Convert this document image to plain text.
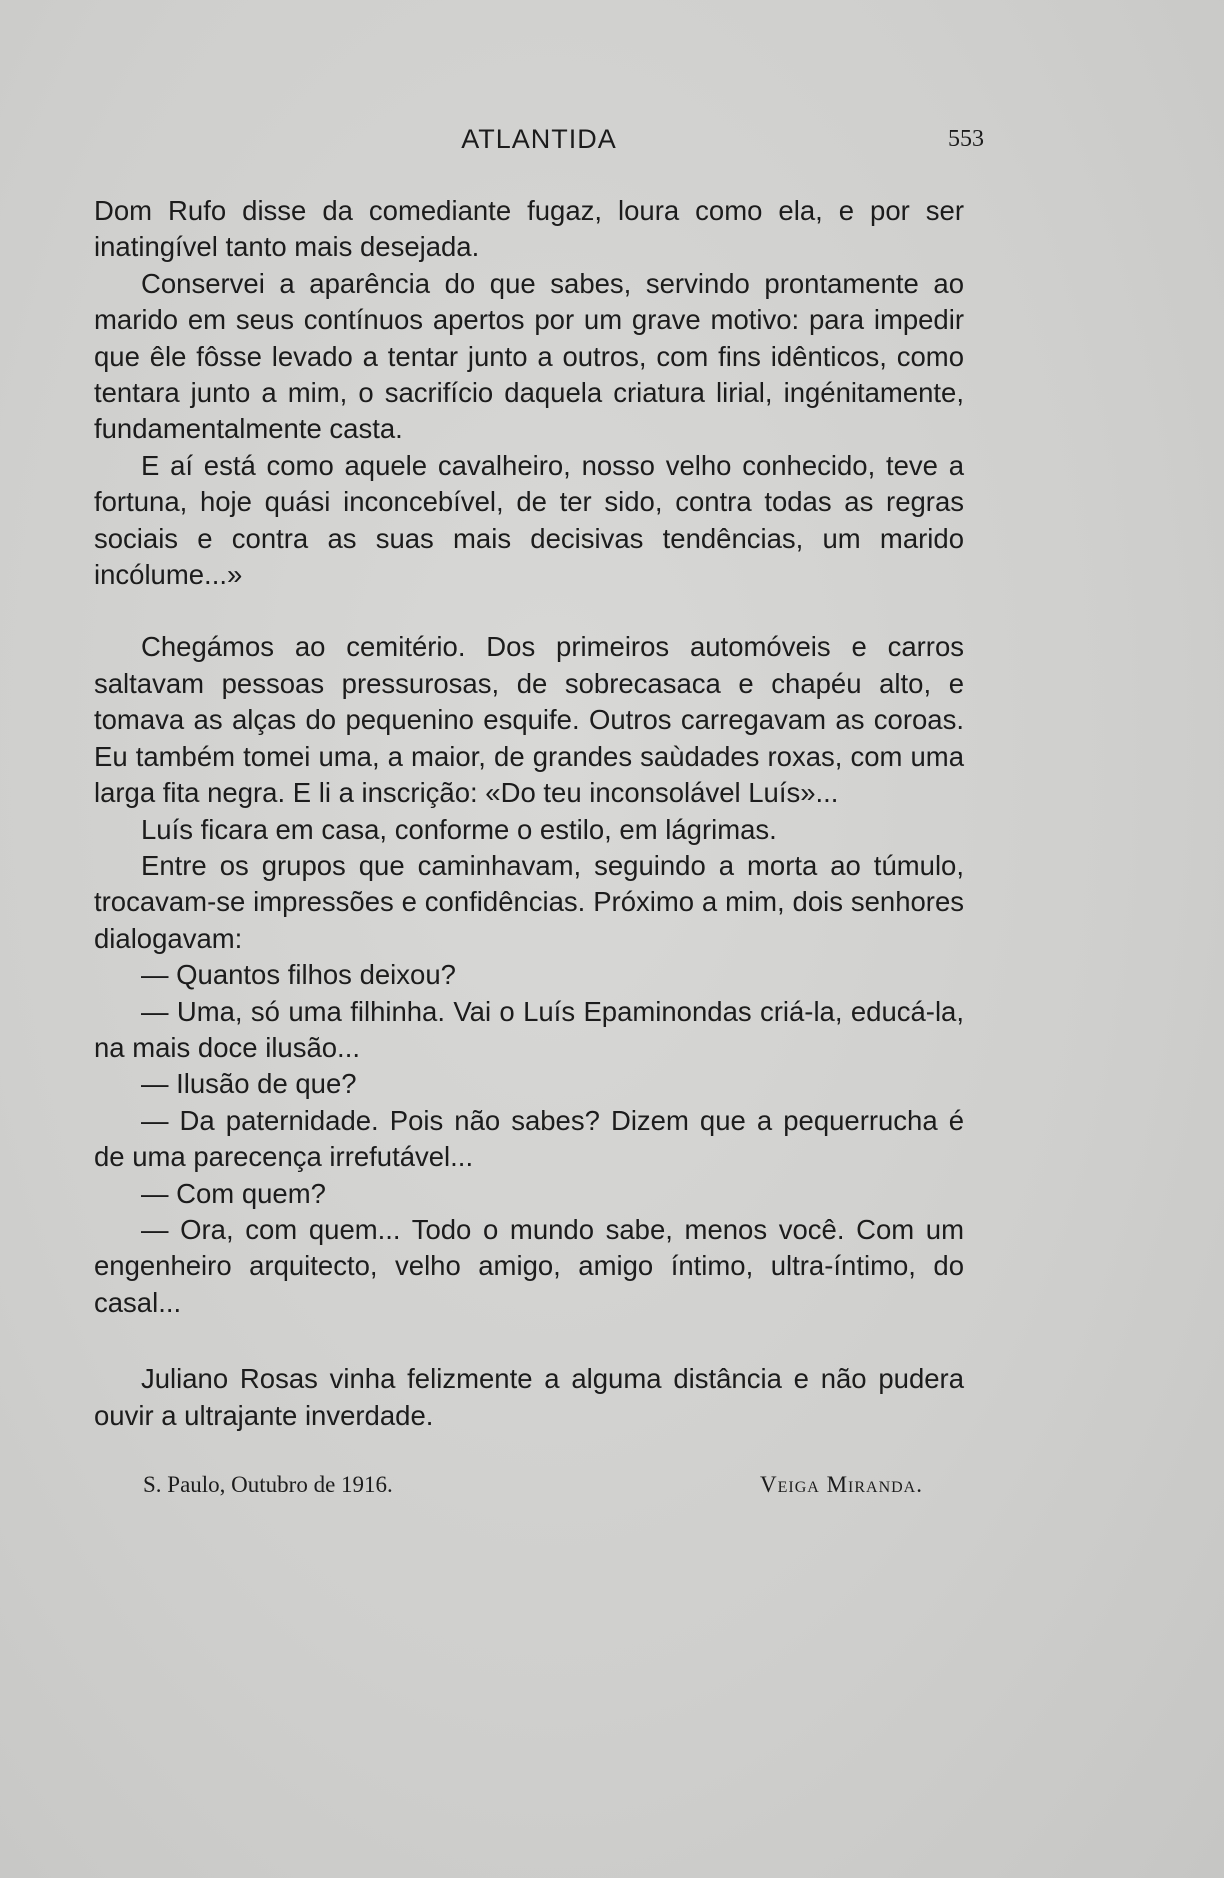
ATLANTIDA	553

Dom Rufo disse da comediante fugaz, loura como ela, e por ser inatingível tanto mais desejada.

Conservei a aparência do que sabes, servindo prontamente ao marido em seus contínuos apertos por um grave motivo: para impedir que êle fôsse levado a tentar junto a outros, com fins idênticos, como tentara junto a mim, o sacrifício daquela criatura lirial, ingénitamente, fundamentalmente casta.

E aí está como aquele cavalheiro, nosso velho conhecido, teve a fortuna, hoje quási inconcebível, de ter sido, contra todas as regras sociais e contra as suas mais decisivas tendências, um marido incólume...»

Chegámos ao cemitério. Dos primeiros automóveis e carros saltavam pessoas pressurosas, de sobrecasaca e chapéu alto, e tomava as alças do pequenino esquife. Outros carregavam as coroas. Eu também tomei uma, a maior, de grandes saùdades roxas, com uma larga fita negra. E li a inscrição: «Do teu inconsolável Luís»...

Luís ficara em casa, conforme o estilo, em lágrimas.

Entre os grupos que caminhavam, seguindo a morta ao túmulo, trocavam-se impressões e confidências. Próximo a mim, dois senhores dialogavam:

— Quantos filhos deixou?

— Uma, só uma filhinha. Vai o Luís Epaminondas criá-la, educá-la, na mais doce ilusão...

— Ilusão de que?

— Da paternidade. Pois não sabes? Dizem que a pequerrucha é de uma parecença irrefutável...

— Com quem?

— Ora, com quem... Todo o mundo sabe, menos você. Com um engenheiro arquitecto, velho amigo, amigo íntimo, ultra-íntimo, do casal...

Juliano Rosas vinha felizmente a alguma distância e não pudera ouvir a ultrajante inverdade.

S. Paulo, Outubro de 1916.	Veiga Miranda.
